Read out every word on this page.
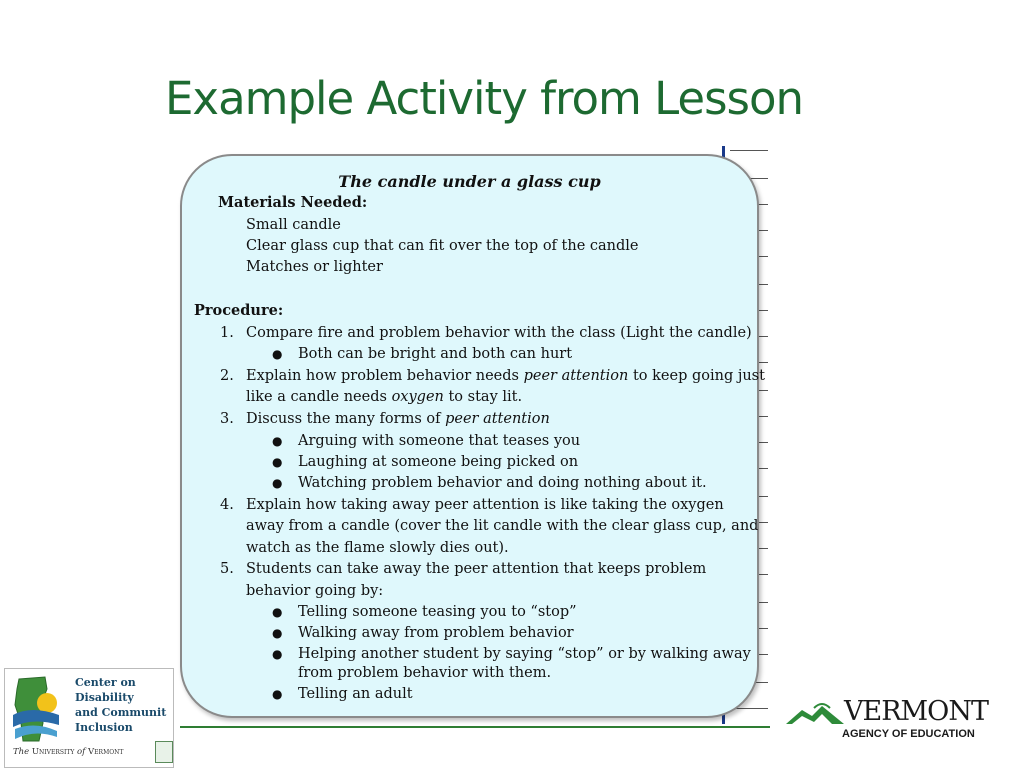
Example Activity from Lesson
The candle under a glass cup
Materials Needed:
Small candle
Clear glass cup that can fit over the top of the candle
Matches or lighter
Procedure:
1. Compare fire and problem behavior with the class (Light the candle)
● Both can be bright and both can hurt
2. Explain how problem behavior needs peer attention to keep going just
like a candle needs oxygen to stay lit.
3. Discuss the many forms of peer attention
● Arguing with someone that teases you
● Laughing at someone being picked on
● Watching problem behavior and doing nothing about it.
4. Explain how taking away peer attention is like taking the oxygen
away from a candle (cover the lit candle with the clear glass cup, and
watch as the flame slowly dies out).
5. Students can take away the peer attention that keeps problem
behavior going by:
● Telling someone teasing you to “stop”
● Walking away from problem behavior
● Helping another student by saying “stop” or by walking away
from problem behavior with them.
● Telling an adult
Center on
Disability
and Communit
Inclusion
The University of Vermont
VERMONT
AGENCY OF EDUCATION
